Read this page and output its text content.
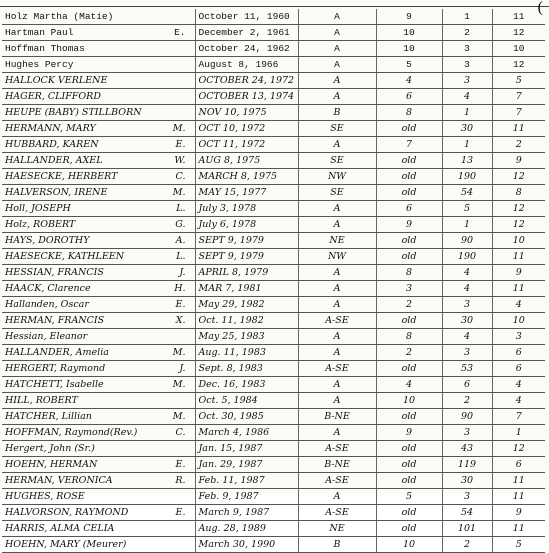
(
Holz Martha (Matie)	October 11, 1960	A	9	1	11

Hartman Paul E.	December 2, 1961	A	10	2	12

Hoffman Thomas	October 24, 1962	A	10	3	10

Hughes Percy	August 8, 1966	A	5	3	12

HALLOCK VERLENE	OCTOBER 24, 1972	A	4	3	5

HAGER, CLIFFORD	OCTOBER 13, 1974	A	6	4	7

HEUPE (BABY) STILLBORN	NOV 10, 1975	B	8	1	7

HERMANN, MARY M.	OCT 10, 1972	SE	old	30	11

HUBBARD, KAREN E.	OCT 11, 1972	A	7	1	2

HALLANDER, AXEL W.	AUG 8, 1975	SE	old	13	9

HAESECKE, HERBERT C.	MARCH 8, 1975	NW	old	190	12

HALVERSON, IRENE M.	MAY 15, 1977	SE	old	54	8

Holl, JOSEPH L.	July 3, 1978	A	6	5	12

Holz, ROBERT G.	July 6, 1978	A	9	1	12

HAYS, DOROTHY A.	SEPT 9, 1979	NE	old	90	10

HAESECKE, KATHLEEN L.	SEPT 9, 1979	NW	old	190	11

HESSIAN, FRANCIS J.	APRIL 8, 1979	A	8	4	9

HAACK, Clarence H.	MAR 7, 1981	A	3	4	11

Hallanden, Oscar E.	May 29, 1982	A	2	3	4

HERMAN, FRANCIS X.	Oct. 11, 1982	A-SE	old	30	10

Hessian, Eleanor	May 25, 1983	A	8	4	3

HALLANDER, Amelia M.	Aug. 11, 1983	A	2	3	6

HERGERT, Raymond J.	Sept. 8, 1983	A-SE	old	53	6

HATCHETT, Isabelle M.	Dec. 16, 1983	A	4	6	4

HILL, ROBERT	Oct. 5, 1984	A	10	2	4

HATCHER, Lillian M.	Oct. 30, 1985	B-NE	old	90	7

HOFFMAN, Raymond(Rev.) C.	March 4, 1986	A	9	3	1

Hergert, John (Sr.)	Jan. 15, 1987	A-SE	old	43	12

HOEHN, HERMAN E.	Jan. 29, 1987	B-NE	old	119	6

HERMAN, VERONICA R.	Feb. 11, 1987	A-SE	old	30	11

HUGHES, ROSE	Feb. 9, 1987	A	5	3	11

HALVORSON, RAYMOND E.	March 9, 1987	A-SE	old	54	9

HARRIS, ALMA CELIA	Aug. 28, 1989	NE	old	101	11

HOEHN, MARY (Meurer)	March 30, 1990	B	10	2	5
